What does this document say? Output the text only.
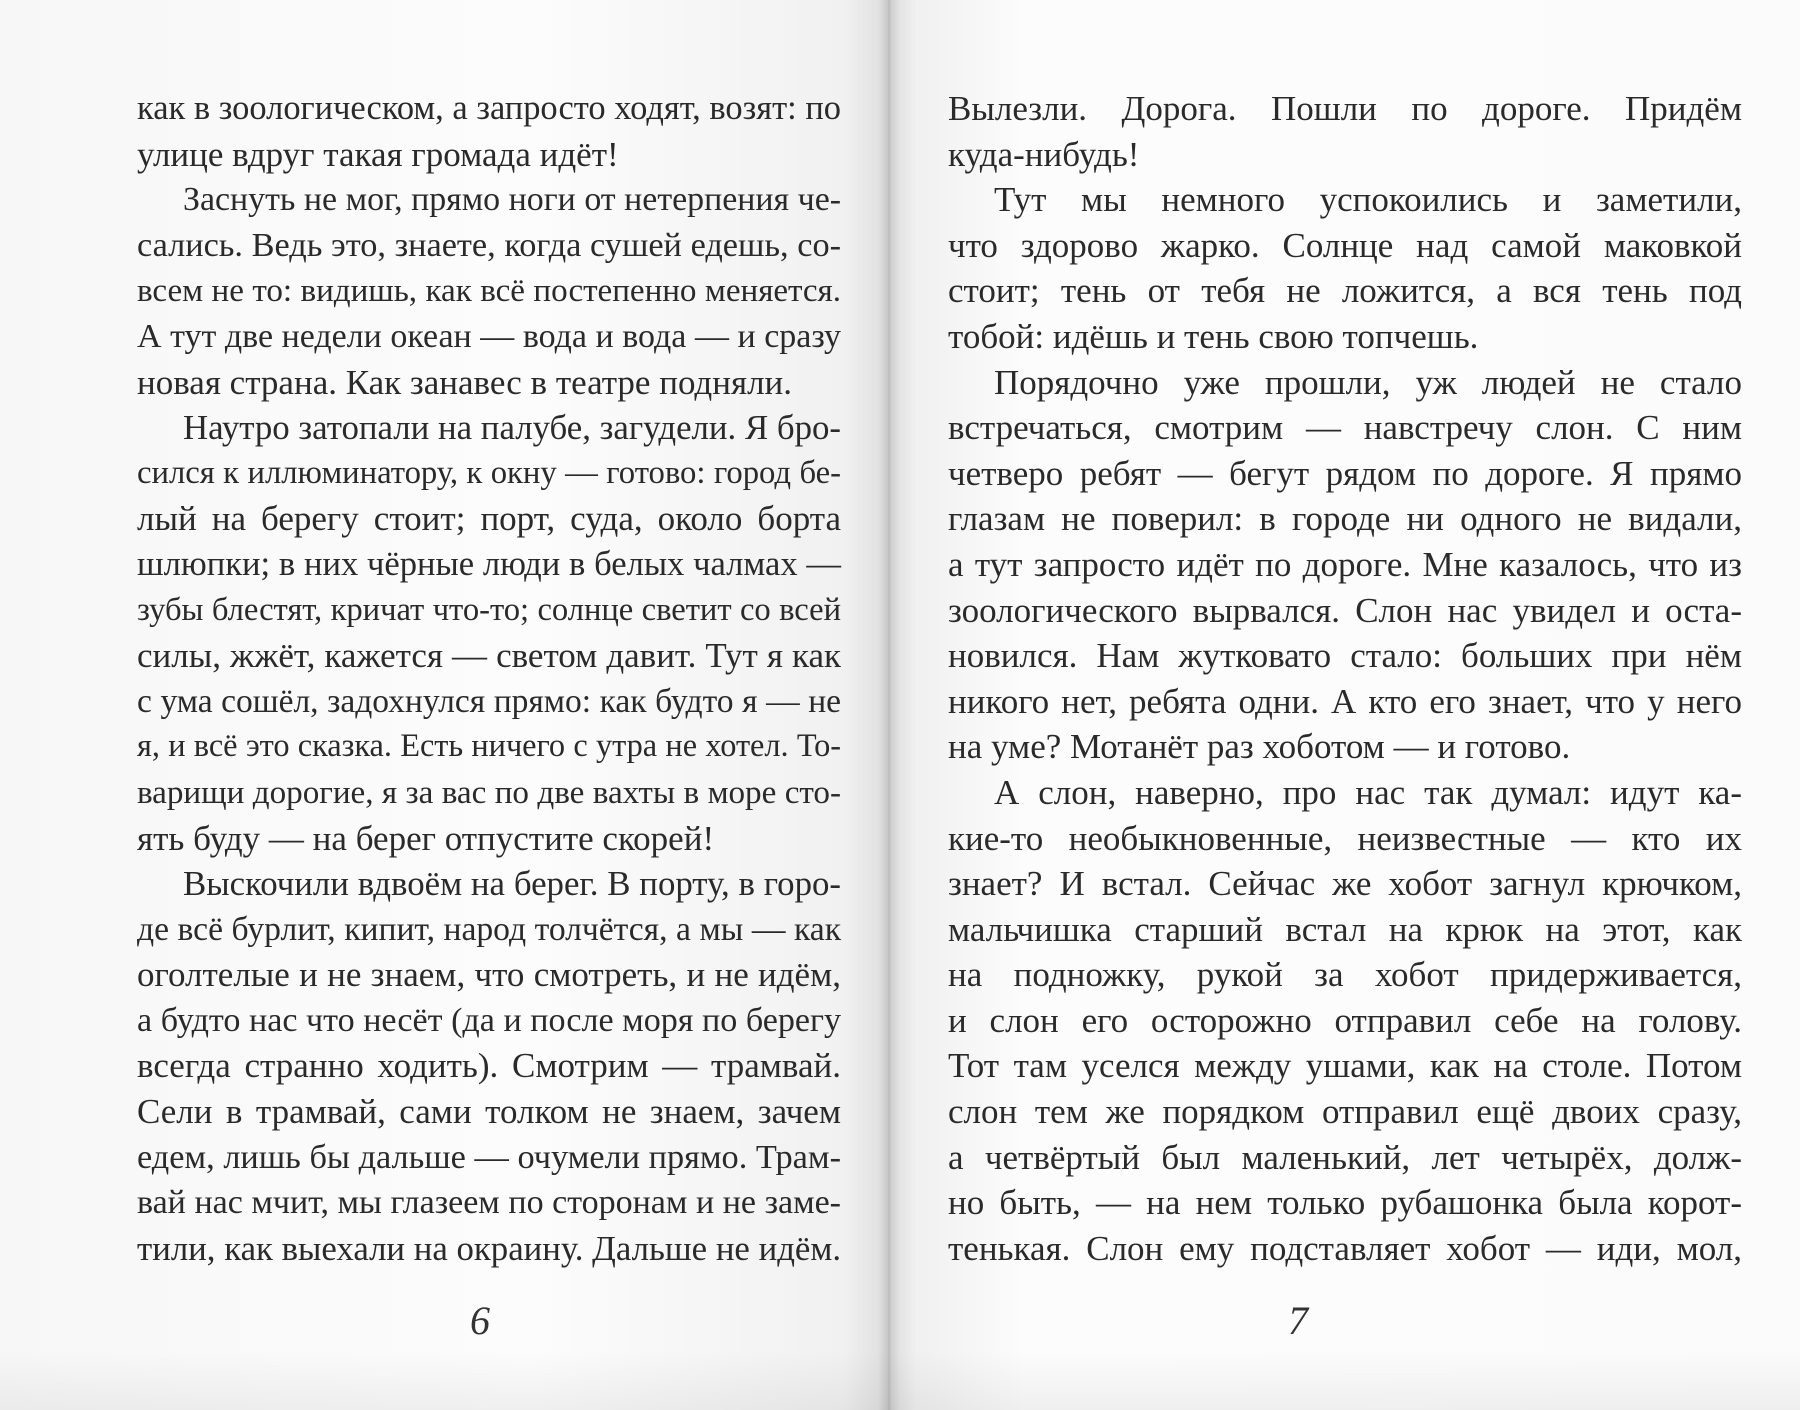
как в зоологическом, а запросто ходят, возят: по
улице вдруг такая громада идёт!
Заснуть не мог, прямо ноги от нетерпения че-
сались. Ведь это, знаете, когда сушей едешь, со-
всем не то: видишь, как всё постепенно меняется.
А тут две недели океан — вода и вода — и сразу
новая страна. Как занавес в театре подняли.
Наутро затопали на палубе, загудели. Я бро-
сился к иллюминатору, к окну — готово: город бе-
лый на берегу стоит; порт, суда, около борта
шлюпки; в них чёрные люди в белых чалмах —
зубы блестят, кричат что-то; солнце светит со всей
силы, жжёт, кажется — светом давит. Тут я как
с ума сошёл, задохнулся прямо: как будто я — не
я, и всё это сказка. Есть ничего с утра не хотел. То-
варищи дорогие, я за вас по две вахты в море сто-
ять буду — на берег отпустите скорей!
Выскочили вдвоём на берег. В порту, в горо-
де всё бурлит, кипит, народ толчётся, а мы — как
оголтелые и не знаем, что смотреть, и не идём,
а будто нас что несёт (да и после моря по берегу
всегда странно ходить). Смотрим — трамвай.
Сели в трамвай, сами толком не знаем, зачем
едем, лишь бы дальше — очумели прямо. Трам-
вай нас мчит, мы глазеем по сторонам и не заме-
тили, как выехали на окраину. Дальше не идём.
6
Вылезли. Дорога. Пошли по дороге. Придём
куда-нибудь!
Тут мы немного успокоились и заметили,
что здорово жарко. Солнце над самой маковкой
стоит; тень от тебя не ложится, а вся тень под
тобой: идёшь и тень свою топчешь.
Порядочно уже прошли, уж людей не стало
встречаться, смотрим — навстречу слон. С ним
четверо ребят — бегут рядом по дороге. Я прямо
глазам не поверил: в городе ни одного не видали,
а тут запросто идёт по дороге. Мне казалось, что из
зоологического вырвался. Слон нас увидел и оста-
новился. Нам жутковато стало: больших при нём
никого нет, ребята одни. А кто его знает, что у него
на уме? Мотанёт раз хоботом — и готово.
А слон, наверно, про нас так думал: идут ка-
кие-то необыкновенные, неизвестные — кто их
знает? И встал. Сейчас же хобот загнул крючком,
мальчишка старший встал на крюк на этот, как
на подножку, рукой за хобот придерживается,
и слон его осторожно отправил себе на голову.
Тот там уселся между ушами, как на столе. Потом
слон тем же порядком отправил ещё двоих сразу,
а четвёртый был маленький, лет четырёх, долж-
но быть, — на нем только рубашонка была корот-
тенькая. Слон ему подставляет хобот — иди, мол,
7
